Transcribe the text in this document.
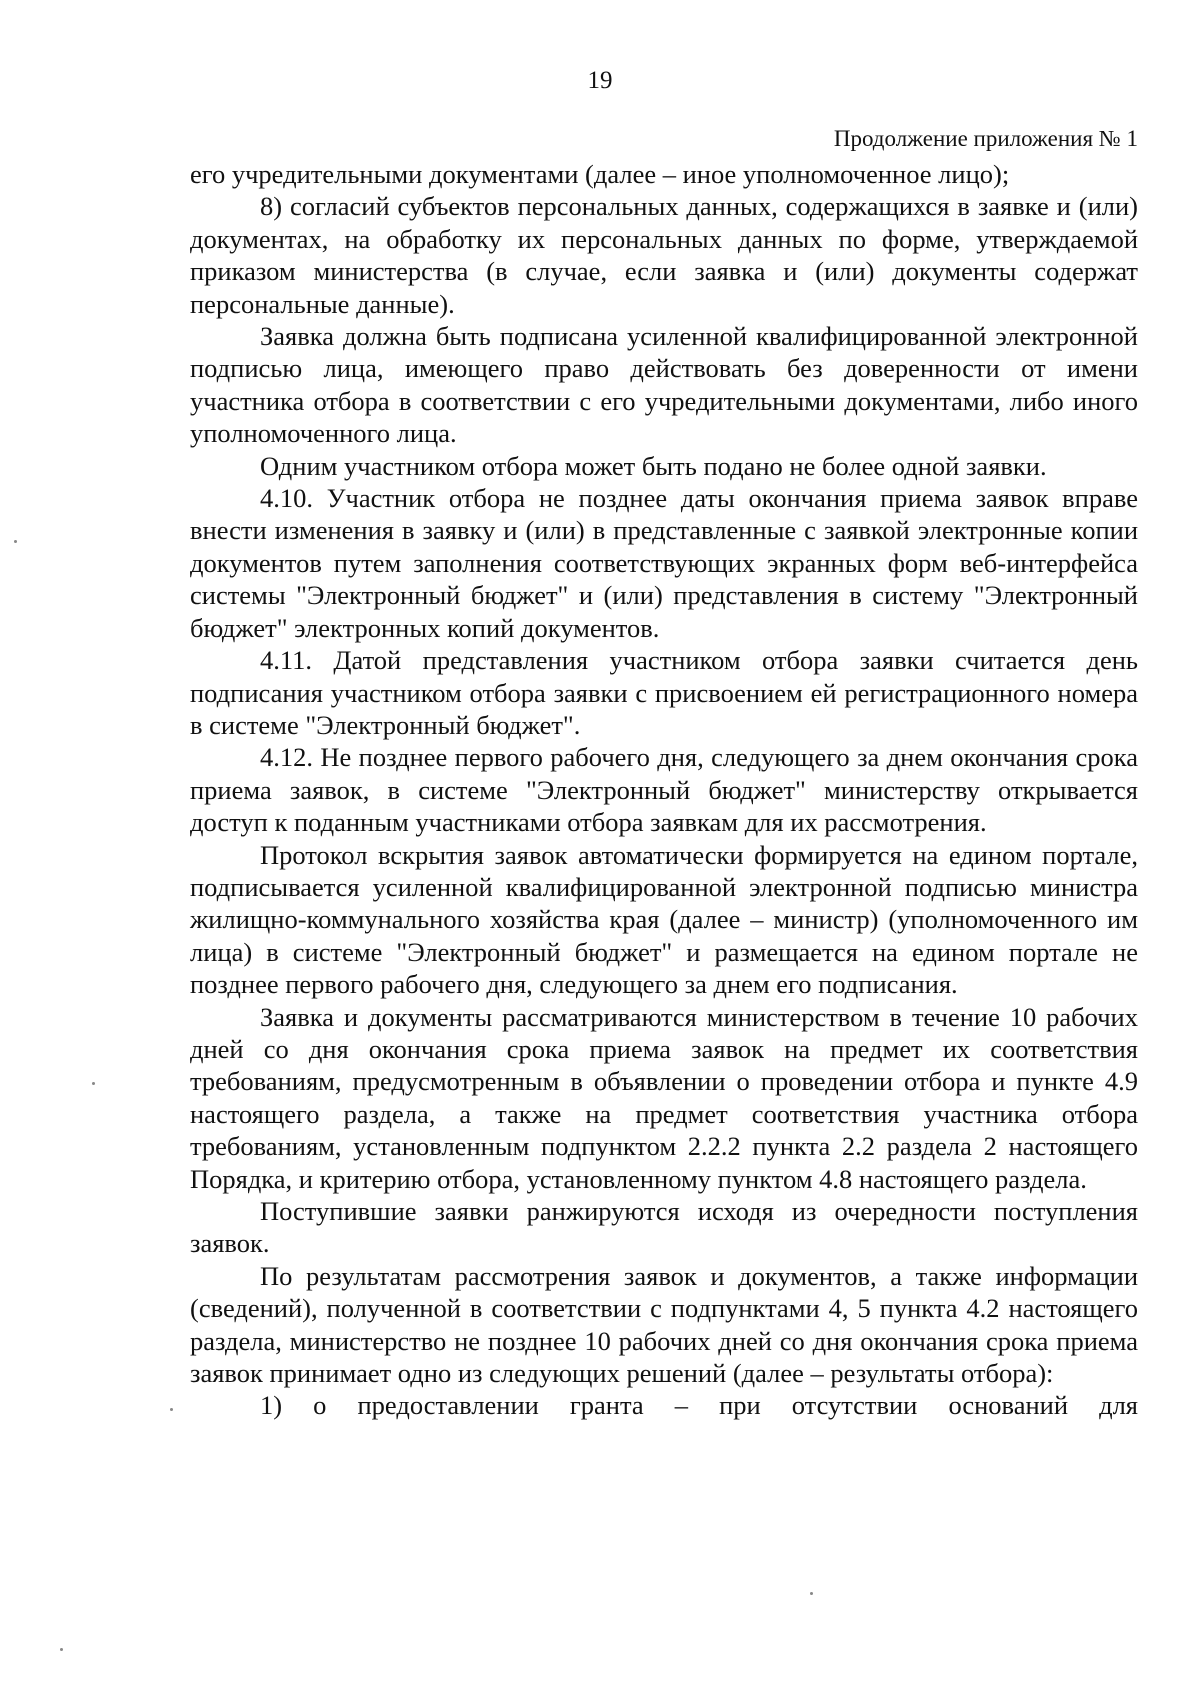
19
Продолжение приложения № 1

его учредительными документами (далее – иное уполномоченное лицо);

8) согласий субъектов персональных данных, содержащихся в заявке и (или) документах, на обработку их персональных данных по форме, утверждаемой приказом министерства (в случае, если заявка и (или) документы содержат персональные данные).

Заявка должна быть подписана усиленной квалифицированной электронной подписью лица, имеющего право действовать без доверенности от имени участника отбора в соответствии с его учредительными документами, либо иного уполномоченного лица.

Одним участником отбора может быть подано не более одной заявки.

4.10. Участник отбора не позднее даты окончания приема заявок вправе внести изменения в заявку и (или) в представленные с заявкой электронные копии документов путем заполнения соответствующих экранных форм веб-интерфейса системы "Электронный бюджет" и (или) представления в систему "Электронный бюджет" электронных копий документов.

4.11. Датой представления участником отбора заявки считается день подписания участником отбора заявки с присвоением ей регистрационного номера в системе "Электронный бюджет".

4.12. Не позднее первого рабочего дня, следующего за днем окончания срока приема заявок, в системе "Электронный бюджет" министерству открывается доступ к поданным участниками отбора заявкам для их рассмотрения.

Протокол вскрытия заявок автоматически формируется на едином портале, подписывается усиленной квалифицированной электронной подписью министра жилищно-коммунального хозяйства края (далее – министр) (уполномоченного им лица) в системе "Электронный бюджет" и размещается на едином портале не позднее первого рабочего дня, следующего за днем его подписания.

Заявка и документы рассматриваются министерством в течение 10 рабочих дней со дня окончания срока приема заявок на предмет их соответствия требованиям, предусмотренным в объявлении о проведении отбора и пункте 4.9 настоящего раздела, а также на предмет соответствия участника отбора требованиям, установленным подпунктом 2.2.2 пункта 2.2 раздела 2 настоящего Порядка, и критерию отбора, установленному пунктом 4.8 настоящего раздела.

Поступившие заявки ранжируются исходя из очередности поступления заявок.

По результатам рассмотрения заявок и документов, а также информации (сведений), полученной в соответствии с подпунктами 4, 5 пункта 4.2 настоящего раздела, министерство не позднее 10 рабочих дней со дня окончания срока приема заявок принимает одно из следующих решений (далее – результаты отбора):

1) о предоставлении гранта – при отсутствии оснований для
